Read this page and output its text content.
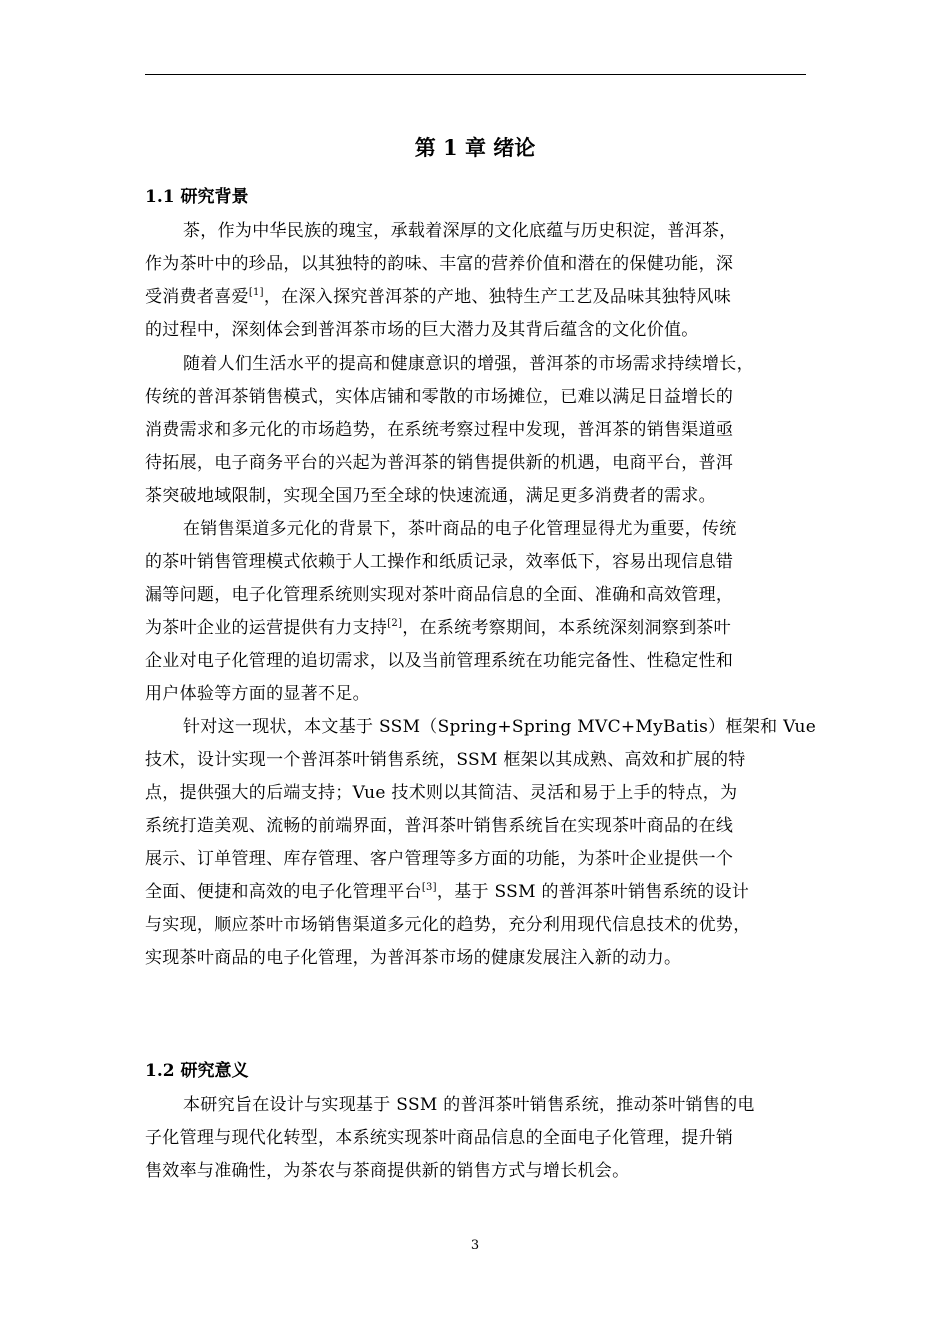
第 1 章 绪论
1.1 研究背景
茶，作为中华民族的瑰宝，承载着深厚的文化底蕴与历史积淀，普洱茶，
作为茶叶中的珍品，以其独特的韵味、丰富的营养价值和潜在的保健功能，深
受消费者喜爱[1]，在深入探究普洱茶的产地、独特生产工艺及品味其独特风味
的过程中，深刻体会到普洱茶市场的巨大潜力及其背后蕴含的文化价值。
随着人们生活水平的提高和健康意识的增强，普洱茶的市场需求持续增长，
传统的普洱茶销售模式，实体店铺和零散的市场摊位，已难以满足日益增长的
消费需求和多元化的市场趋势，在系统考察过程中发现，普洱茶的销售渠道亟
待拓展，电子商务平台的兴起为普洱茶的销售提供新的机遇，电商平台，普洱
茶突破地域限制，实现全国乃至全球的快速流通，满足更多消费者的需求。
在销售渠道多元化的背景下，茶叶商品的电子化管理显得尤为重要，传统
的茶叶销售管理模式依赖于人工操作和纸质记录，效率低下，容易出现信息错
漏等问题，电子化管理系统则实现对茶叶商品信息的全面、准确和高效管理，
为茶叶企业的运营提供有力支持[2]，在系统考察期间，本系统深刻洞察到茶叶
企业对电子化管理的追切需求，以及当前管理系统在功能完备性、性稳定性和
用户体验等方面的显著不足。
针对这一现状，本文基于 SSM（Spring+Spring MVC+MyBatis）框架和 Vue
技术，设计实现一个普洱茶叶销售系统，SSM 框架以其成熟、高效和扩展的特
点，提供强大的后端支持；Vue 技术则以其简洁、灵活和易于上手的特点，为
系统打造美观、流畅的前端界面，普洱茶叶销售系统旨在实现茶叶商品的在线
展示、订单管理、库存管理、客户管理等多方面的功能，为茶叶企业提供一个
全面、便捷和高效的电子化管理平台[3]，基于 SSM 的普洱茶叶销售系统的设计
与实现，顺应茶叶市场销售渠道多元化的趋势，充分利用现代信息技术的优势，
实现茶叶商品的电子化管理，为普洱茶市场的健康发展注入新的动力。
1.2 研究意义
本研究旨在设计与实现基于 SSM 的普洱茶叶销售系统，推动茶叶销售的电
子化管理与现代化转型，本系统实现茶叶商品信息的全面电子化管理，提升销
售效率与准确性，为茶农与茶商提供新的销售方式与增长机会。
3
